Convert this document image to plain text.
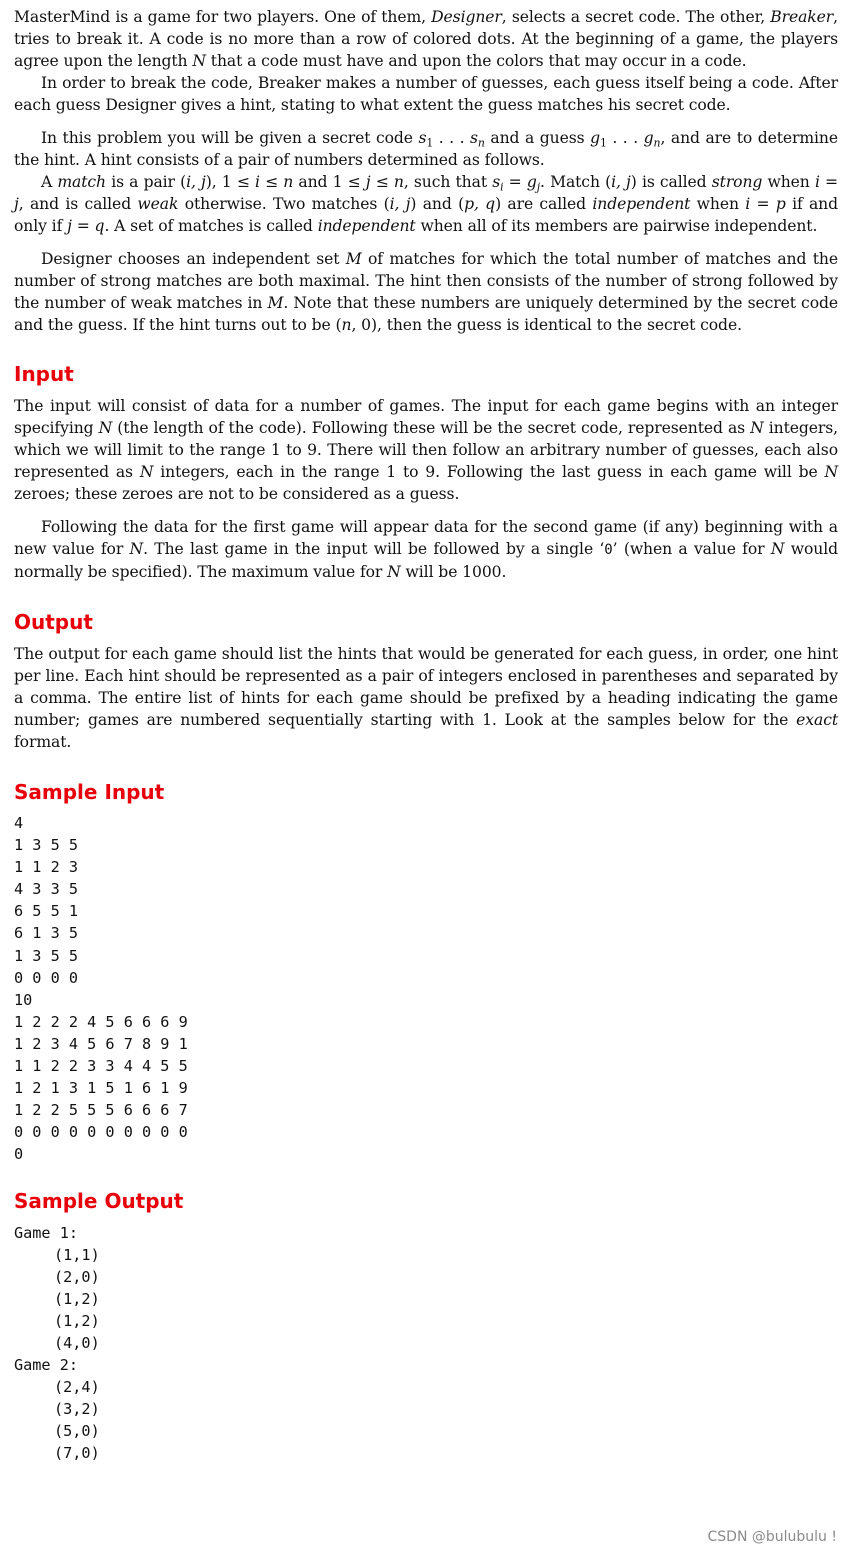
MasterMind is a game for two players. One of them, Designer, selects a secret code. The other, Breaker, tries to break it. A code is no more than a row of colored dots. At the beginning of a game, the players agree upon the length N that a code must have and upon the colors that may occur in a code.

In order to break the code, Breaker makes a number of guesses, each guess itself being a code. After each guess Designer gives a hint, stating to what extent the guess matches his secret code.

In this problem you will be given a secret code $s_1$ . . . $s_n$ and a guess $g_1$ . . . $g_n$, and are to determine the hint. A hint consists of a pair of numbers determined as follows.

A match is a pair (i, j), 1 ≤ i ≤ n and 1 ≤ j ≤ n, such that $s_i = g_j$. Match (i, j) is called strong when i = j, and is called weak otherwise. Two matches (i, j) and (p, q) are called independent when i = p if and only if j = q. A set of matches is called independent when all of its members are pairwise independent.

Designer chooses an independent set M of matches for which the total number of matches and the number of strong matches are both maximal. The hint then consists of the number of strong followed by the number of weak matches in M. Note that these numbers are uniquely determined by the secret code and the guess. If the hint turns out to be (n, 0), then the guess is identical to the secret code.

Input

The input will consist of data for a number of games. The input for each game begins with an integer specifying N (the length of the code). Following these will be the secret code, represented as N integers, which we will limit to the range 1 to 9. There will then follow an arbitrary number of guesses, each also represented as N integers, each in the range 1 to 9. Following the last guess in each game will be N zeroes; these zeroes are not to be considered as a guess.

Following the data for the first game will appear data for the second game (if any) beginning with a new value for N. The last game in the input will be followed by a single ‘0’ (when a value for N would normally be specified). The maximum value for N will be 1000.

Output

The output for each game should list the hints that would be generated for each guess, in order, one hint per line. Each hint should be represented as a pair of integers enclosed in parentheses and separated by a comma. The entire list of hints for each game should be prefixed by a heading indicating the game number; games are numbered sequentially starting with 1. Look at the samples below for the exact format.

Sample Input
4
1 3 5 5
1 1 2 3
4 3 3 5
6 5 5 1
6 1 3 5
1 3 5 5
0 0 0 0
10
1 2 2 2 4 5 6 6 6 9
1 2 3 4 5 6 7 8 9 1
1 1 2 2 3 3 4 4 5 5
1 2 1 3 1 5 1 6 1 9
1 2 2 5 5 5 6 6 6 7
0 0 0 0 0 0 0 0 0 0
0
Sample Output
Game 1:
(1,1)
(2,0)
(1,2)
(1,2)
(4,0)
Game 2:
(2,4)
(3,2)
(5,0)
(7,0)
CSDN @bulubulu !
